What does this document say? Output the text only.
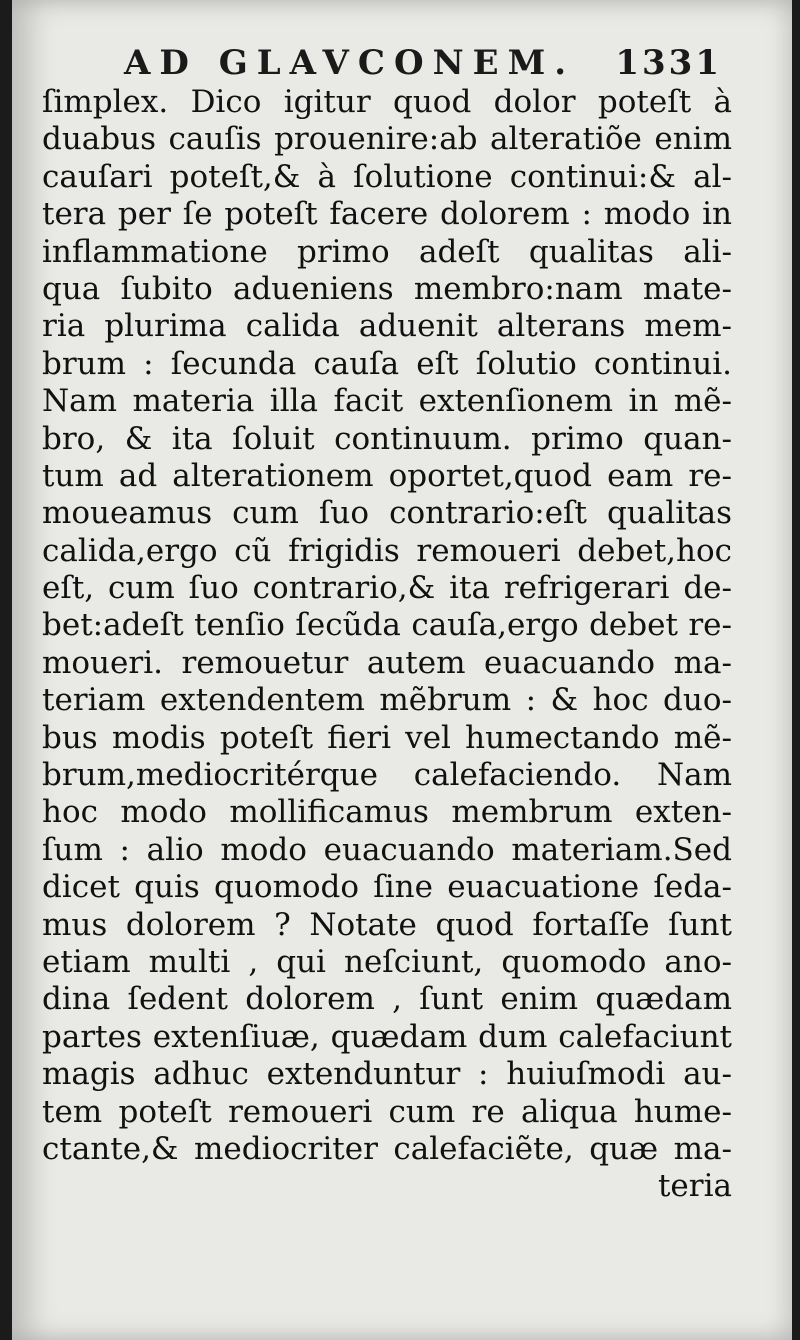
AD GLAVCONEM. 1331
ſimplex. Dico igitur quod dolor poteſt à
duabus cauſis prouenire:ab alteratiõe enim
cauſari poteſt,& à ſolutione continui:& al-
tera per ſe poteſt facere dolorem : modo in
inflammatione primo adeſt qualitas ali-
qua ſubito adueniens membro:nam mate-
ria plurima calida aduenit alterans mem-
brum : ſecunda cauſa eſt ſolutio continui.
Nam materia illa facit extenſionem in mẽ-
bro, & ita ſoluit continuum. primo quan-
tum ad alterationem oportet,quod eam re-
moueamus cum ſuo contrario:eſt qualitas
calida,ergo cũ frigidis remoueri debet,hoc
eſt, cum ſuo contrario,& ita refrigerari de-
bet:adeſt tenſio ſecũda cauſa,ergo debet re-
moueri. remouetur autem euacuando ma-
teriam extendentem mẽbrum : & hoc duo-
bus modis poteſt fieri vel humectando mẽ-
brum,mediocritérque calefaciendo. Nam
hoc modo mollificamus membrum exten-
ſum : alio modo euacuando materiam.Sed
dicet quis quomodo ſine euacuatione ſeda-
mus dolorem ? Notate quod fortaſſe ſunt
etiam multi , qui neſciunt, quomodo ano-
dina ſedent dolorem , ſunt enim quædam
partes extenſiuæ, quædam dum calefaciunt
magis adhuc extenduntur : huiuſmodi au-
tem poteſt remoueri cum re aliqua hume-
ctante,& mediocriter calefaciẽte, quæ ma-
teria
